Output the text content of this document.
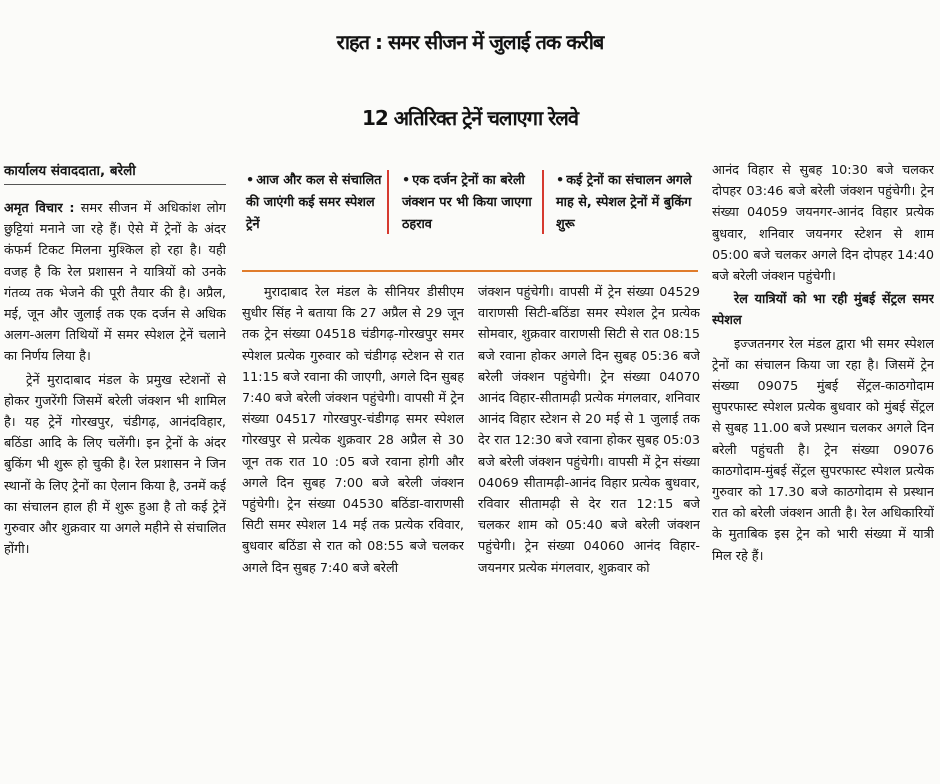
राहत : समर सीजन में जुलाई तक करीब
12 अतिरिक्त ट्रेनें चलाएगा रेलवे
कार्यालय संवाददाता, बरेली

अमृत विचार : समर सीजन में अधिकांश लोग छुट्टियां मनाने जा रहे हैं। ऐसे में ट्रेनों के अंदर कंफर्म टिकट मिलना मुश्किल हो रहा है। यही वजह है कि रेल प्रशासन ने यात्रियों को उनके गंतव्य तक भेजने की पूरी तैयार की है। अप्रैल, मई, जून और जुलाई तक एक दर्जन से अधिक अलग-अलग तिथियों में समर स्पेशल ट्रेनें चलाने का निर्णय लिया है।

ट्रेनें मुरादाबाद मंडल के प्रमुख स्टेशनों से होकर गुजरेंगी जिसमें बरेली जंक्शन भी शामिल है। यह ट्रेनें गोरखपुर, चंडीगढ़, आनंदविहार, बठिंडा आदि के लिए चलेंगी। इन ट्रेनों के अंदर बुकिंग भी शुरू हो चुकी है। रेल प्रशासन ने जिन स्थानों के लिए ट्रेनों का ऐलान किया है, उनमें कई का संचालन हाल ही में शुरू हुआ है तो कई ट्रेनें गुरुवार और शुक्रवार या अगले महीने से संचालित होंगी।

• आज और कल से संचालित की जाएंगी कई समर स्पेशल ट्रेनें
• एक दर्जन ट्रेनों का बरेली जंक्शन पर भी किया जाएगा ठहराव
• कई ट्रेनों का संचालन अगले माह से, स्पेशल ट्रेनों में बुकिंग शुरू

मुरादाबाद रेल मंडल के सीनियर डीसीएम सुधीर सिंह ने बताया कि 27 अप्रैल से 29 जून तक ट्रेन संख्या 04518 चंडीगढ़-गोरखपुर समर स्पेशल प्रत्येक गुरुवार को चंडीगढ़ स्टेशन से रात 11:15 बजे रवाना की जाएगी, अगले दिन सुबह 7:40 बजे बरेली जंक्शन पहुंचेगी। वापसी में ट्रेन संख्या 04517 गोरखपुर-चंडीगढ़ समर स्पेशल गोरखपुर से प्रत्येक शुक्रवार 28 अप्रैल से 30 जून तक रात 10 :05 बजे रवाना होगी और अगले दिन सुबह 7:00 बजे बरेली जंक्शन पहुंचेगी। ट्रेन संख्या 04530 बठिंडा-वाराणसी सिटी समर स्पेशल 14 मई तक प्रत्येक रविवार, बुधवार बठिंडा से रात को 08:55 बजे चलकर अगले दिन सुबह 7:40 बजे बरेली

जंक्शन पहुंचेगी। वापसी में ट्रेन संख्या 04529 वाराणसी सिटी-बठिंडा समर स्पेशल ट्रेन प्रत्येक सोमवार, शुक्रवार वाराणसी सिटी से रात 08:15 बजे रवाना होकर अगले दिन सुबह 05:36 बजे बरेली जंक्शन पहुंचेगी। ट्रेन संख्या 04070 आनंद विहार-सीतामढ़ी प्रत्येक मंगलवार, शनिवार आनंद विहार स्टेशन से 20 मई से 1 जुलाई तक देर रात 12:30 बजे रवाना होकर सुबह 05:03 बजे बरेली जंक्शन पहुंचेगी। वापसी में ट्रेन संख्या 04069 सीतामढ़ी-आनंद विहार प्रत्येक बुधवार, रविवार सीतामढ़ी से देर रात 12:15 बजे चलकर शाम को 05:40 बजे बरेली जंक्शन पहुंचेगी। ट्रेन संख्या 04060 आनंद विहार-जयनगर प्रत्येक मंगलवार, शुक्रवार को

आनंद विहार से सुबह 10:30 बजे चलकर दोपहर 03:46 बजे बरेली जंक्शन पहुंचेगी। ट्रेन संख्या 04059 जयनगर-आनंद विहार प्रत्येक बुधवार, शनिवार जयनगर स्टेशन से शाम 05:00 बजे चलकर अगले दिन दोपहर 14:40 बजे बरेली जंक्शन पहुंचेगी।

रेल यात्रियों को भा रही मुंबई सेंट्रल समर स्पेशल

इज्जतनगर रेल मंडल द्वारा भी समर स्पेशल ट्रेनों का संचालन किया जा रहा है। जिसमें ट्रेन संख्या 09075 मुंबई सेंट्रल-काठगोदाम सुपरफास्ट स्पेशल प्रत्येक बुधवार को मुंबई सेंट्रल से सुबह 11.00 बजे प्रस्थान चलकर अगले दिन बरेली पहुंचती है। ट्रेन संख्या 09076 काठगोदाम-मुंबई सेंट्रल सुपरफास्ट स्पेशल प्रत्येक गुरुवार को 17.30 बजे काठगोदाम से प्रस्थान रात को बरेली जंक्शन आती है। रेल अधिकारियों के मुताबिक इस ट्रेन को भारी संख्या में यात्री मिल रहे हैं।
